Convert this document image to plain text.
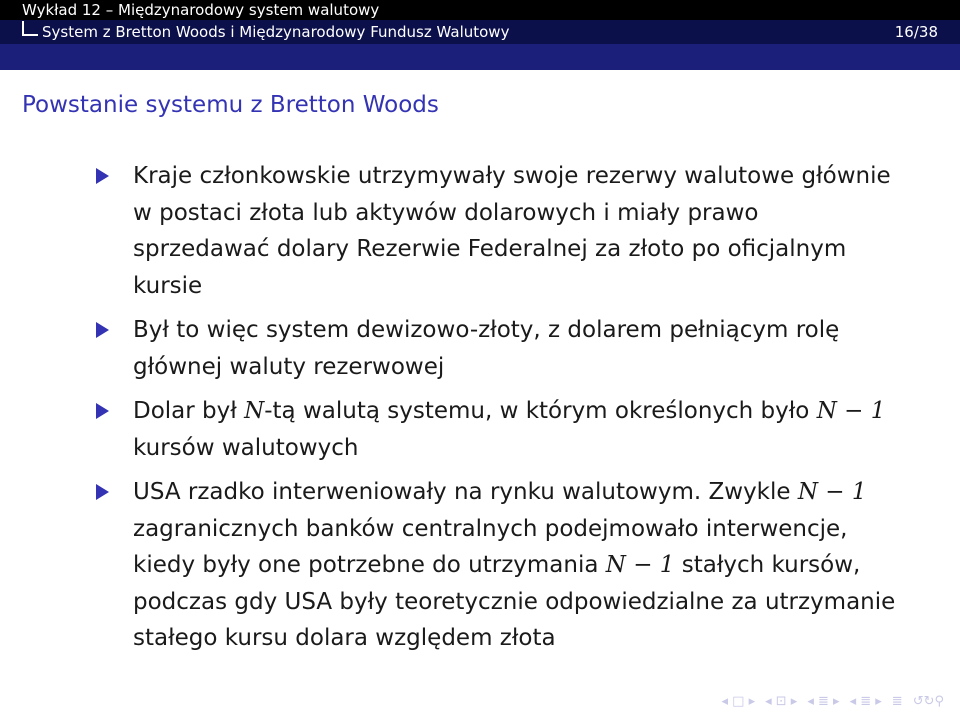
Wykład 12 – Międzynarodowy system walutowy
System z Bretton Woods i Międzynarodowy Fundusz Walutowy	16/38
Powstanie systemu z Bretton Woods
Kraje członkowskie utrzymywały swoje rezerwy walutowe głównie w postaci złota lub aktywów dolarowych i miały prawo sprzedawać dolary Rezerwie Federalnej za złoto po oficjalnym kursie
Był to więc system dewizowo-złoty, z dolarem pełniącym rolę głównej waluty rezerwowej
Dolar był N-tą walutą systemu, w którym określonych było N − 1 kursów walutowych
USA rzadko interweniowały na rynku walutowym. Zwykle N − 1 zagranicznych banków centralnych podejmowało interwencje, kiedy były one potrzebne do utrzymania N − 1 stałych kursów, podczas gdy USA były teoretycznie odpowiedzialne za utrzymanie stałego kursu dolara względem złota
◂ □ ▸ ◂ ⊡ ▸ ◂ ≣ ▸ ◂ ≣ ▸ ≣ ↺↻⚲
